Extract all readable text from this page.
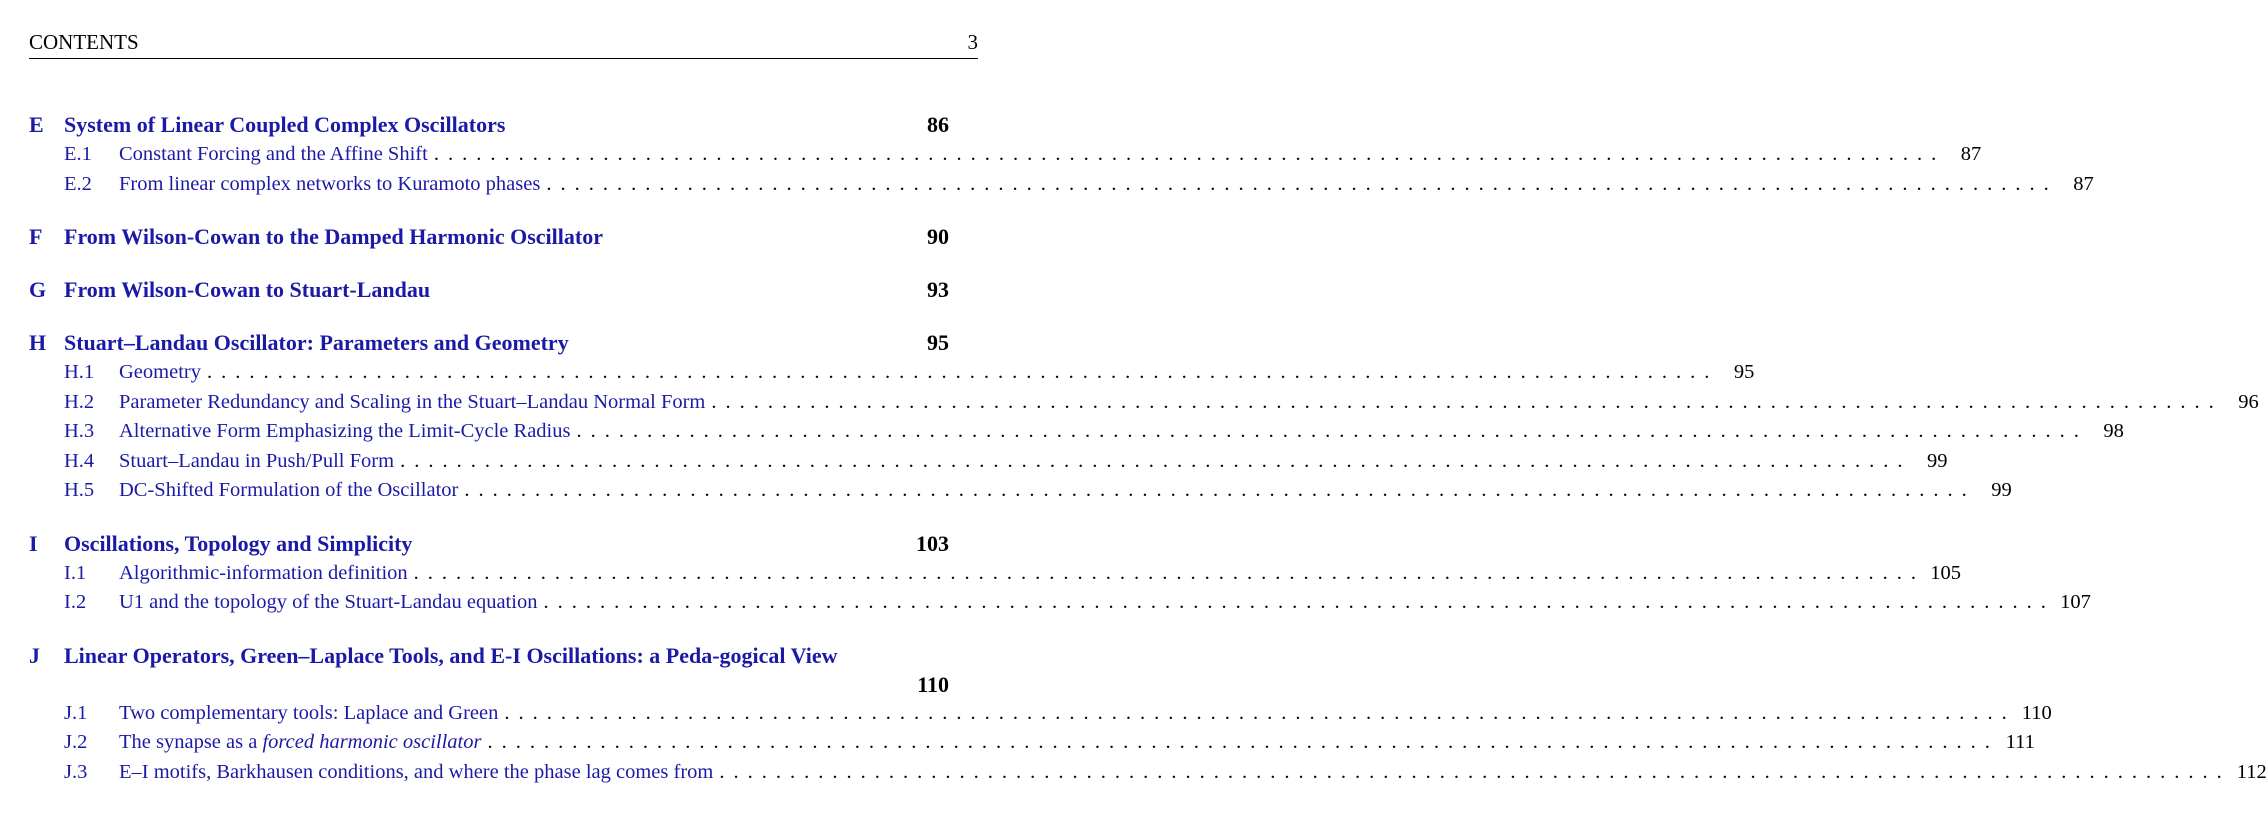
CONTENTS	3
E System of Linear Coupled Complex Oscillators	86
E.1 Constant Forcing and the Affine Shift ........................................................................................................... 87
E.2 From linear complex networks to Kuramoto phases ........................................................................................................... 87
F From Wilson-Cowan to the Damped Harmonic Oscillator	90
G From Wilson-Cowan to Stuart-Landau	93
H Stuart–Landau Oscillator: Parameters and Geometry	95
H.1 Geometry ........................................................................................................... 95
H.2 Parameter Redundancy and Scaling in the Stuart–Landau Normal Form ........................................................................................................... 96
H.3 Alternative Form Emphasizing the Limit-Cycle Radius ........................................................................................................... 98
H.4 Stuart–Landau in Push/Pull Form ........................................................................................................... 99
H.5 DC-Shifted Formulation of the Oscillator ........................................................................................................... 99
I Oscillations, Topology and Simplicity	103
I.1 Algorithmic-information definition ........................................................................................................... 105
I.2 U1 and the topology of the Stuart-Landau equation ........................................................................................................... 107
J Linear Operators, Green–Laplace Tools, and E-I Oscillations: a Peda-gogical View
110
J.1 Two complementary tools: Laplace and Green ........................................................................................................... 110
J.2 The synapse as a forced harmonic oscillator ........................................................................................................... 111
J.3 E–I motifs, Barkhausen conditions, and where the phase lag comes from ........................................................................................................... 112
